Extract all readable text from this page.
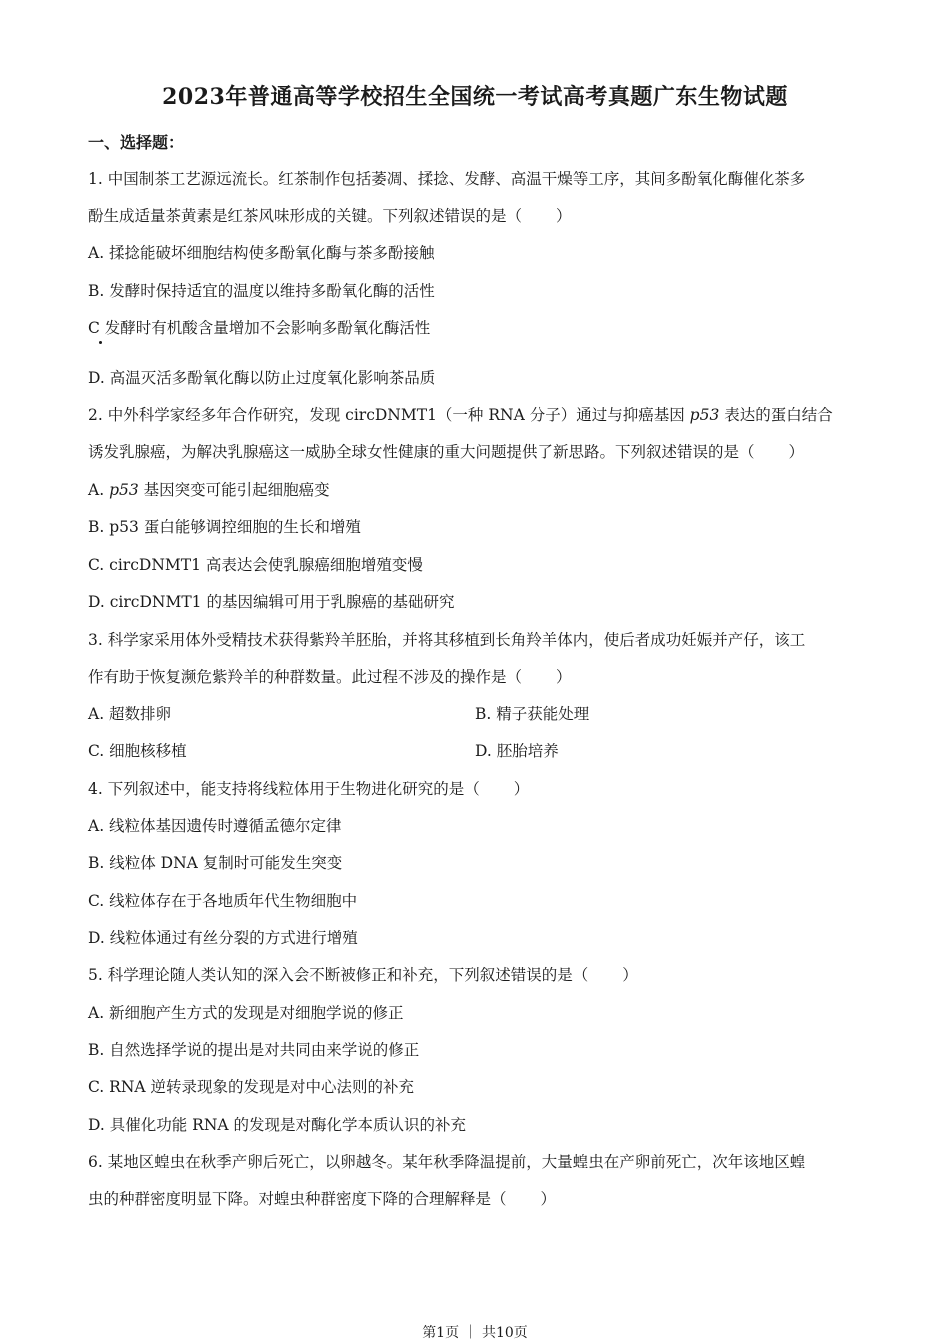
2023年普通高等学校招生全国统一考试高考真题广东生物试题
一、选择题：
1. 中国制茶工艺源远流长。红茶制作包括萎凋、揉捻、发酵、高温干燥等工序，其间多酚氧化酶催化茶多
酚生成适量茶黄素是红茶风味形成的关键。下列叙述错误的是（ ）
A. 揉捻能破坏细胞结构使多酚氧化酶与茶多酚接触
B. 发酵时保持适宜的温度以维持多酚氧化酶的活性
C 发酵时有机酸含量增加不会影响多酚氧化酶活性
D. 高温灭活多酚氧化酶以防止过度氧化影响茶品质
2. 中外科学家经多年合作研究，发现 circDNMT1（一种 RNA 分子）通过与抑癌基因 p53 表达的蛋白结合
诱发乳腺癌，为解决乳腺癌这一威胁全球女性健康的重大问题提供了新思路。下列叙述错误的是（ ）
A. p53 基因突变可能引起细胞癌变
B. p53 蛋白能够调控细胞的生长和增殖
C. circDNMT1 高表达会使乳腺癌细胞增殖变慢
D. circDNMT1 的基因编辑可用于乳腺癌的基础研究
3. 科学家采用体外受精技术获得紫羚羊胚胎，并将其移植到长角羚羊体内，使后者成功妊娠并产仔，该工
作有助于恢复濒危紫羚羊的种群数量。此过程不涉及的操作是（ ）
A. 超数排卵	B. 精子获能处理
C. 细胞核移植	D. 胚胎培养
4. 下列叙述中，能支持将线粒体用于生物进化研究的是（ ）
A. 线粒体基因遗传时遵循孟德尔定律
B. 线粒体 DNA 复制时可能发生突变
C. 线粒体存在于各地质年代生物细胞中
D. 线粒体通过有丝分裂的方式进行增殖
5. 科学理论随人类认知的深入会不断被修正和补充，下列叙述错误的是（ ）
A. 新细胞产生方式的发现是对细胞学说的修正
B. 自然选择学说的提出是对共同由来学说的修正
C. RNA 逆转录现象的发现是对中心法则的补充
D. 具催化功能 RNA 的发现是对酶化学本质认识的补充
6. 某地区蝗虫在秋季产卵后死亡，以卵越冬。某年秋季降温提前，大量蝗虫在产卵前死亡，次年该地区蝗
虫的种群密度明显下降。对蝗虫种群密度下降的合理解释是（ ）
第1页 ｜ 共10页
